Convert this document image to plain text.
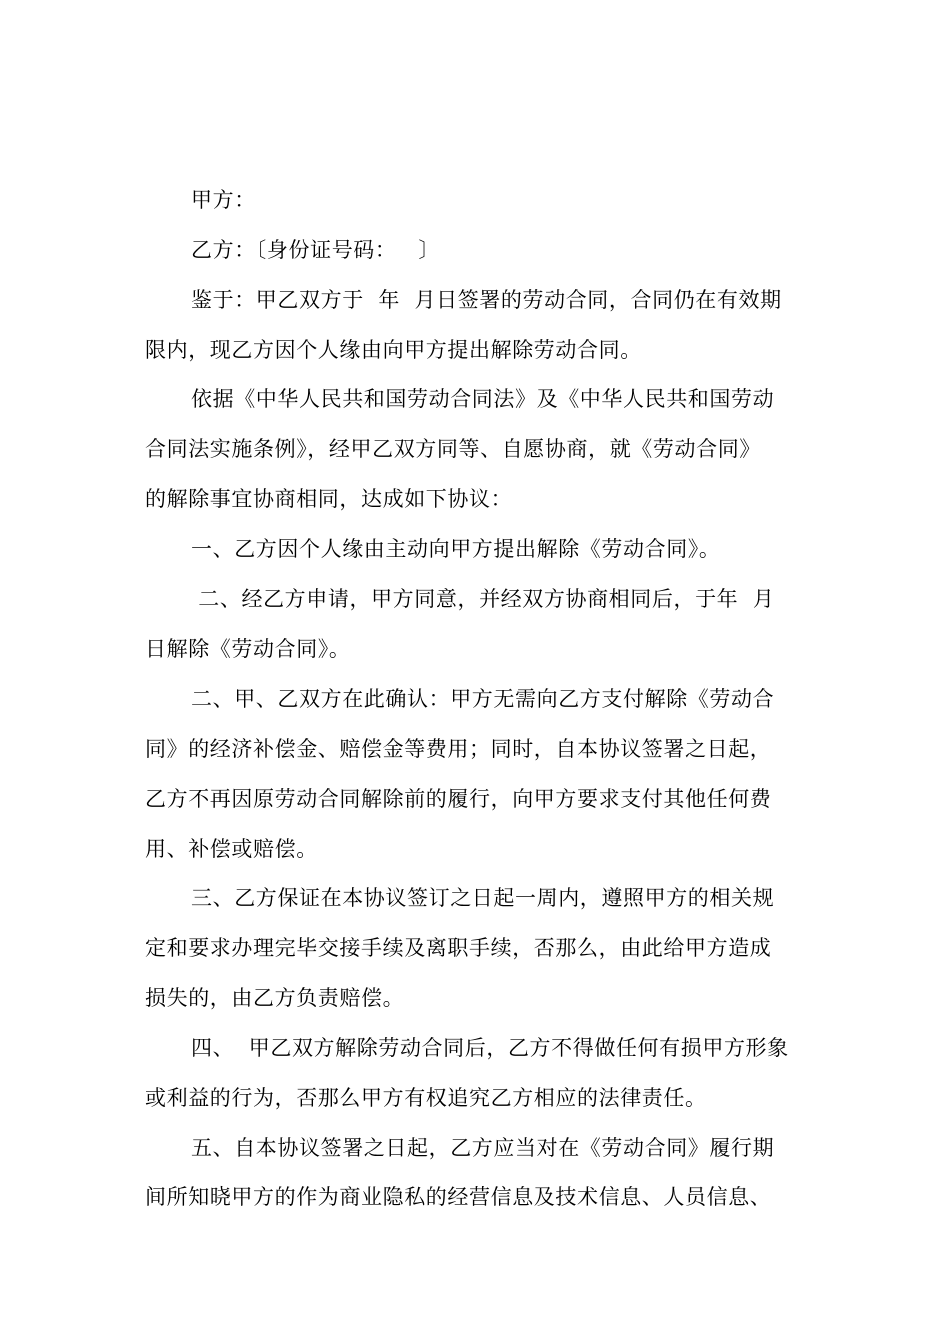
甲方：
乙方：〔身份证号码：   〕
鉴于：甲乙双方于  年  月日签署的劳动合同，合同仍在有效期
限内，现乙方因个人缘由向甲方提出解除劳动合同。
依据《中华人民共和国劳动合同法》及《中华人民共和国劳动
合同法实施条例》，经甲乙双方同等、自愿协商，就《劳动合同》
的解除事宜协商相同，达成如下协议：
一、乙方因个人缘由主动向甲方提出解除《劳动合同》。
二、经乙方申请，甲方同意，并经双方协商相同后，于年  月
日解除《劳动合同》。
二、甲、乙双方在此确认：甲方无需向乙方支付解除《劳动合
同》的经济补偿金、赔偿金等费用；同时，自本协议签署之日起，
乙方不再因原劳动合同解除前的履行，向甲方要求支付其他任何费
用、补偿或赔偿。
三、乙方保证在本协议签订之日起一周内，遵照甲方的相关规
定和要求办理完毕交接手续及离职手续，否那么，由此给甲方造成
损失的，由乙方负责赔偿。
四、  甲乙双方解除劳动合同后，乙方不得做任何有损甲方形象
或利益的行为，否那么甲方有权追究乙方相应的法律责任。
五、自本协议签署之日起，乙方应当对在《劳动合同》履行期
间所知晓甲方的作为商业隐私的经营信息及技术信息、人员信息、
